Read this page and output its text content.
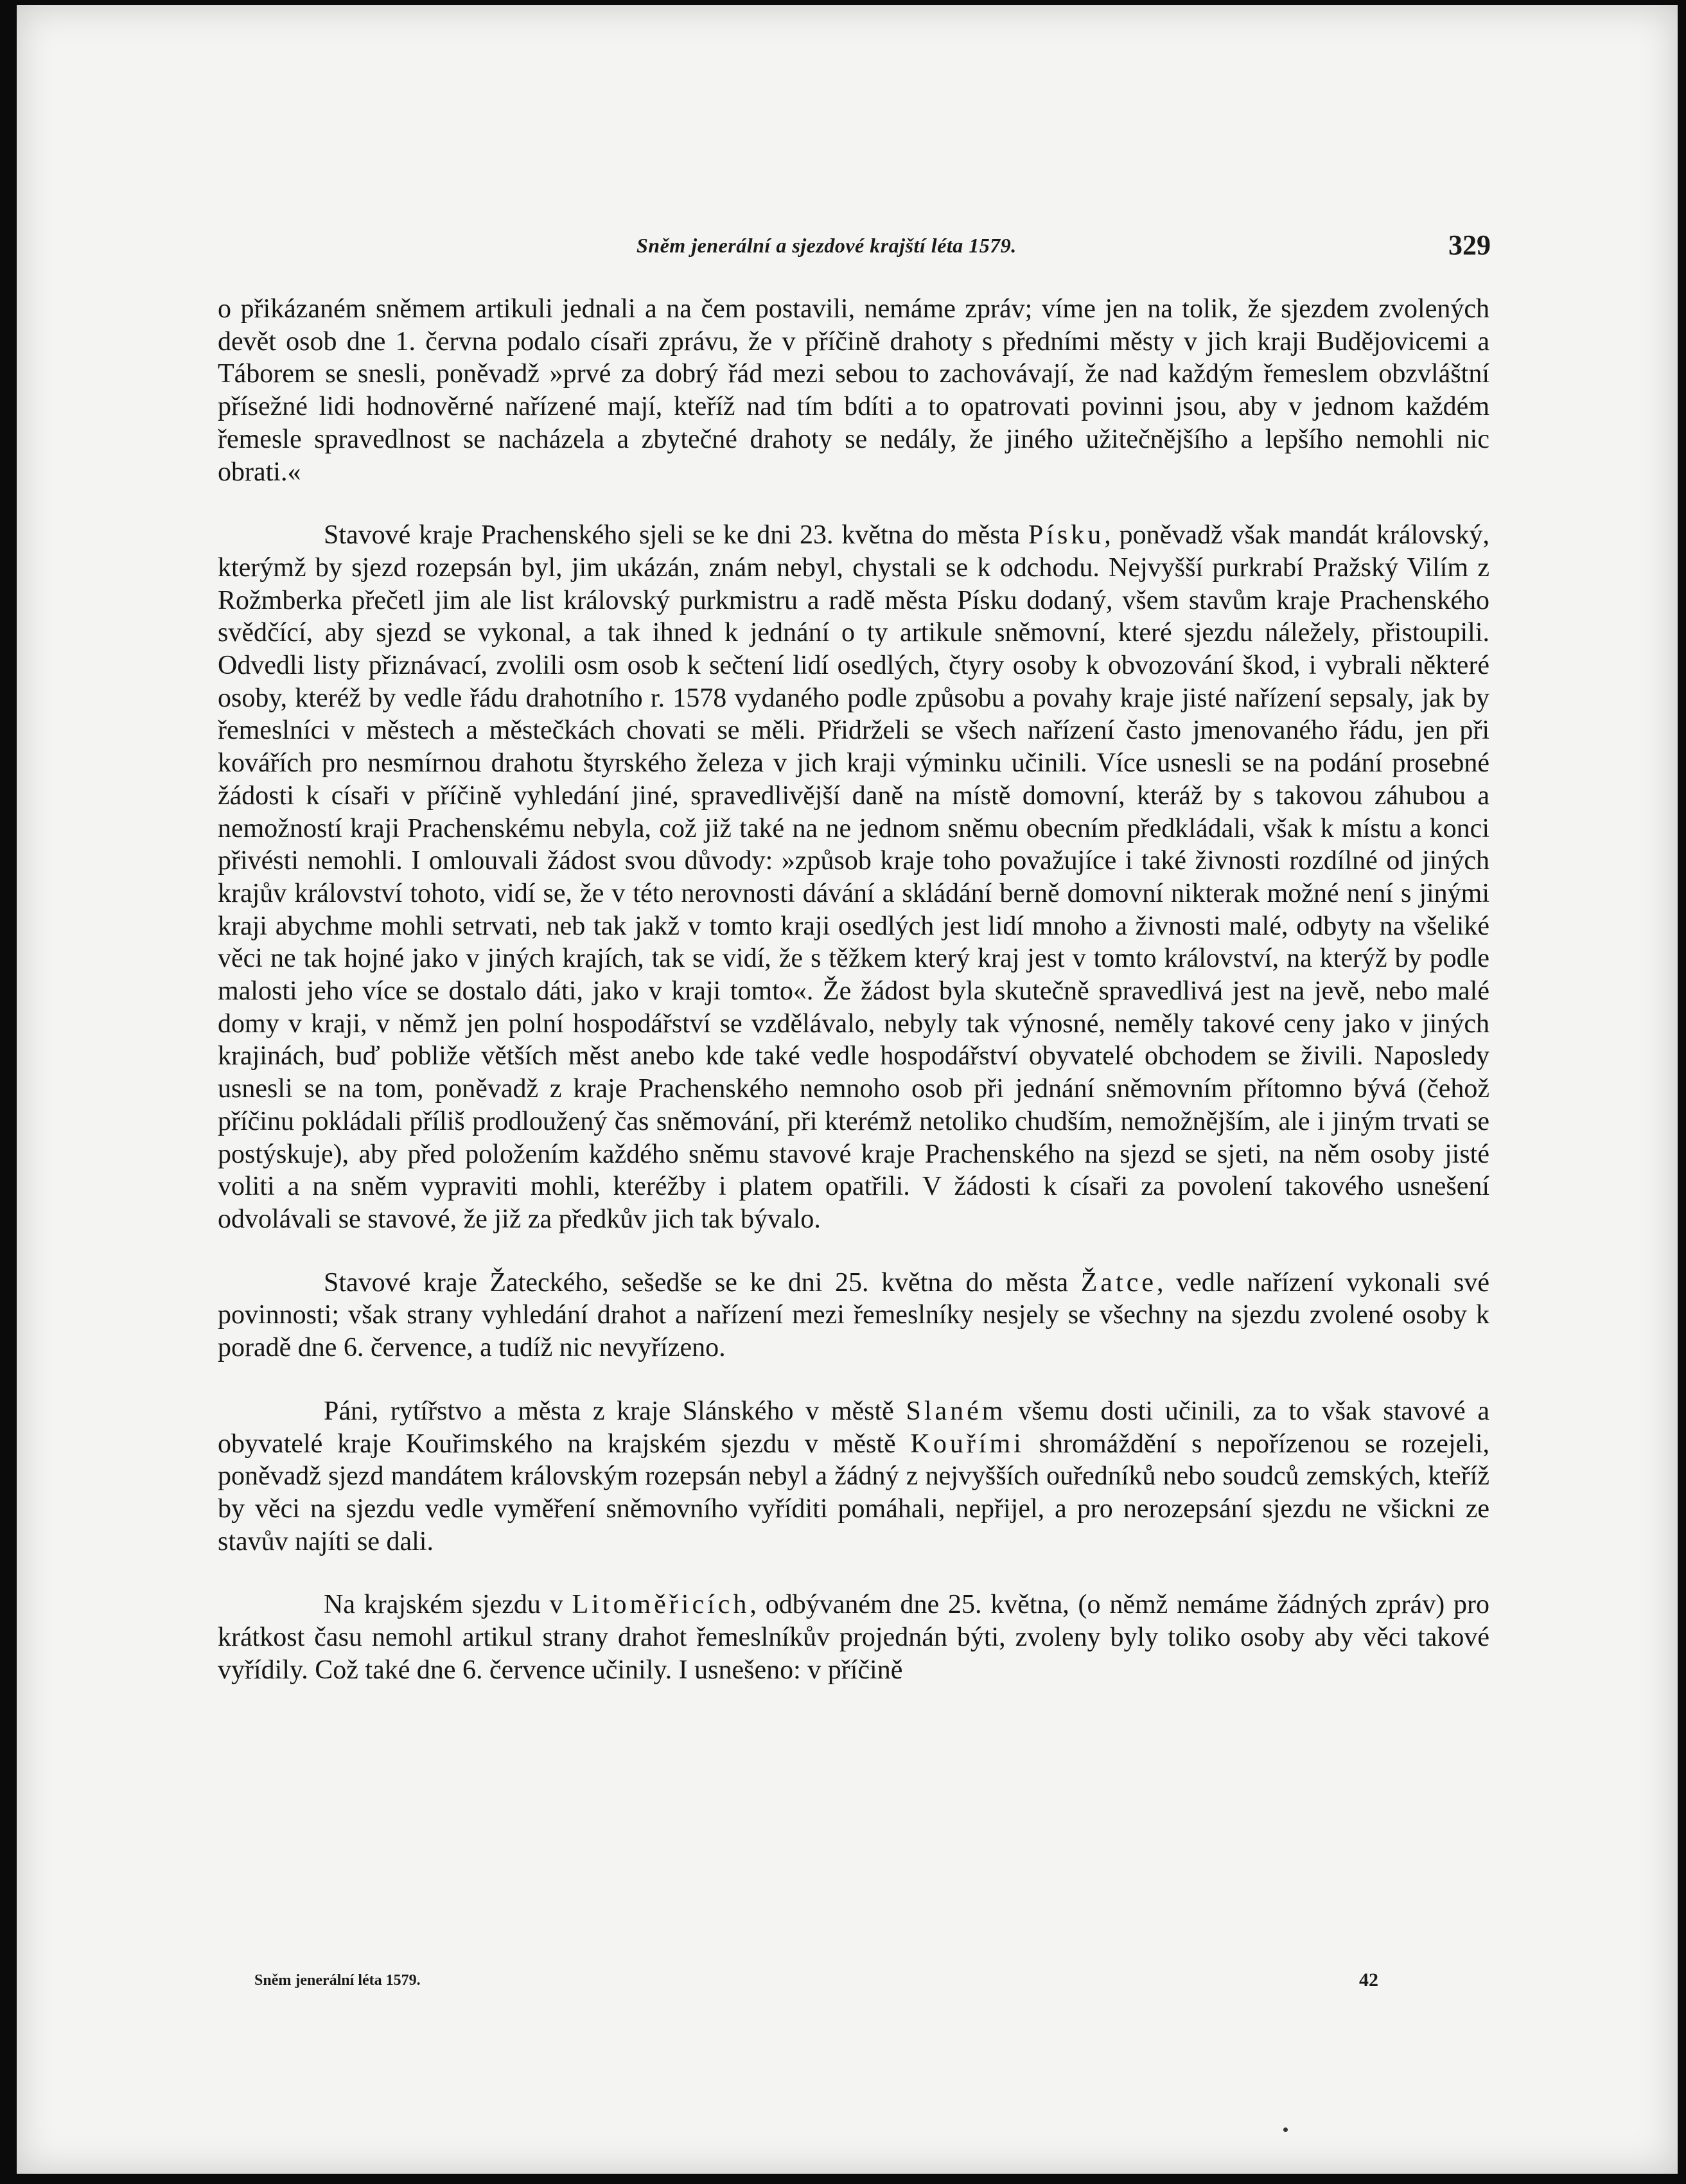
Sněm jenerální a sjezdové krajští léta 1579.	329

o přikázaném sněmem artikuli jednali a na čem postavili, nemáme zpráv; víme jen na tolik, že sjezdem zvolených devět osob dne 1. června podalo císaři zprávu, že v příčině drahoty s předními městy v jich kraji Budějovicemi a Táborem se snesli, poněvadž »prvé za dobrý řád mezi sebou to zachovávají, že nad každým řemeslem obzvláštní přísežné lidi hodnověrné nařízené mají, kteříž nad tím bdíti a to opatrovati povinni jsou, aby v jednom každém řemesle spravedlnost se nacházela a zbytečné drahoty se nedály, že jiného užitečnějšího a lepšího nemohli nic obrati.«

Stavové kraje Prachenského sjeli se ke dni 23. května do města Písku, poněvadž však mandát královský, kterýmž by sjezd rozepsán byl, jim ukázán, znám nebyl, chystali se k odchodu. Nejvyšší purkrabí Pražský Vilím z Rožmberka přečetl jim ale list královský purkmistru a radě města Písku dodaný, všem stavům kraje Prachenského svědčící, aby sjezd se vykonal, a tak ihned k jednání o ty artikule sněmovní, které sjezdu náležely, přistoupili. Odvedli listy přiznávací, zvolili osm osob k sečtení lidí osedlých, čtyry osoby k obvozování škod, i vybrali některé osoby, kteréž by vedle řádu drahotního r. 1578 vydaného podle způsobu a povahy kraje jisté nařízení sepsaly, jak by řemeslníci v městech a městečkách chovati se měli. Přidrželi se všech nařízení často jmenovaného řádu, jen při kovářích pro nesmírnou drahotu štyrského železa v jich kraji výminku učinili. Více usnesli se na podání prosebné žádosti k císaři v příčině vyhledání jiné, spravedlivější daně na místě domovní, kteráž by s takovou záhubou a nemožností kraji Prachenskému nebyla, což již také na ne jednom sněmu obecním předkládali, však k místu a konci přivésti nemohli. I omlouvali žádost svou důvody: »způsob kraje toho považujíce i také živnosti rozdílné od jiných krajův království tohoto, vidí se, že v této nerovnosti dávání a skládání berně domovní nikterak možné není s jinými kraji abychme mohli setrvati, neb tak jakž v tomto kraji osedlých jest lidí mnoho a živnosti malé, odbyty na všeliké věci ne tak hojné jako v jiných krajích, tak se vidí, že s těžkem který kraj jest v tomto království, na kterýž by podle malosti jeho více se dostalo dáti, jako v kraji tomto«. Že žádost byla skutečně spravedlivá jest na jevě, nebo malé domy v kraji, v němž jen polní hospodářství se vzdělávalo, nebyly tak výnosné, neměly takové ceny jako v jiných krajinách, buď pobliže větších měst anebo kde také vedle hospodářství obyvatelé obchodem se živili. Naposledy usnesli se na tom, poněvadž z kraje Prachenského nemnoho osob při jednání sněmovním přítomno bývá (čehož příčinu pokládali příliš prodloužený čas sněmování, při kterémž netoliko chudším, nemožnějším, ale i jiným trvati se postýskuje), aby před položením každého sněmu stavové kraje Prachenského na sjezd se sjeti, na něm osoby jisté voliti a na sněm vypraviti mohli, kteréžby i platem opatřili. V žádosti k císaři za povolení takového usnešení odvolávali se stavové, že již za předkův jich tak bývalo.

Stavové kraje Žateckého, sešedše se ke dni 25. května do města Žatce, vedle nařízení vykonali své povinnosti; však strany vyhledání drahot a nařízení mezi řemeslníky nesjely se všechny na sjezdu zvolené osoby k poradě dne 6. července, a tudíž nic nevyřízeno.

Páni, rytířstvo a města z kraje Slánského v městě Slaném všemu dosti učinili, za to však stavové a obyvatelé kraje Kouřimského na krajském sjezdu v městě Kouřími shromáždění s nepořízenou se rozejeli, poněvadž sjezd mandátem královským rozepsán nebyl a žádný z nejvyšších ouředníků nebo soudců zemských, kteříž by věci na sjezdu vedle vyměření sněmovního vyříditi pomáhali, nepřijel, a pro nerozepsání sjezdu ne všickni ze stavův najíti se dali.

Na krajském sjezdu v Litoměřicích, odbývaném dne 25. května, (o němž nemáme žádných zpráv) pro krátkost času nemohl artikul strany drahot řemeslníkův projednán býti, zvoleny byly toliko osoby aby věci takové vyřídily. Což také dne 6. července učinily. I usnešeno: v příčině

Sněm jenerální léta 1579.	42
